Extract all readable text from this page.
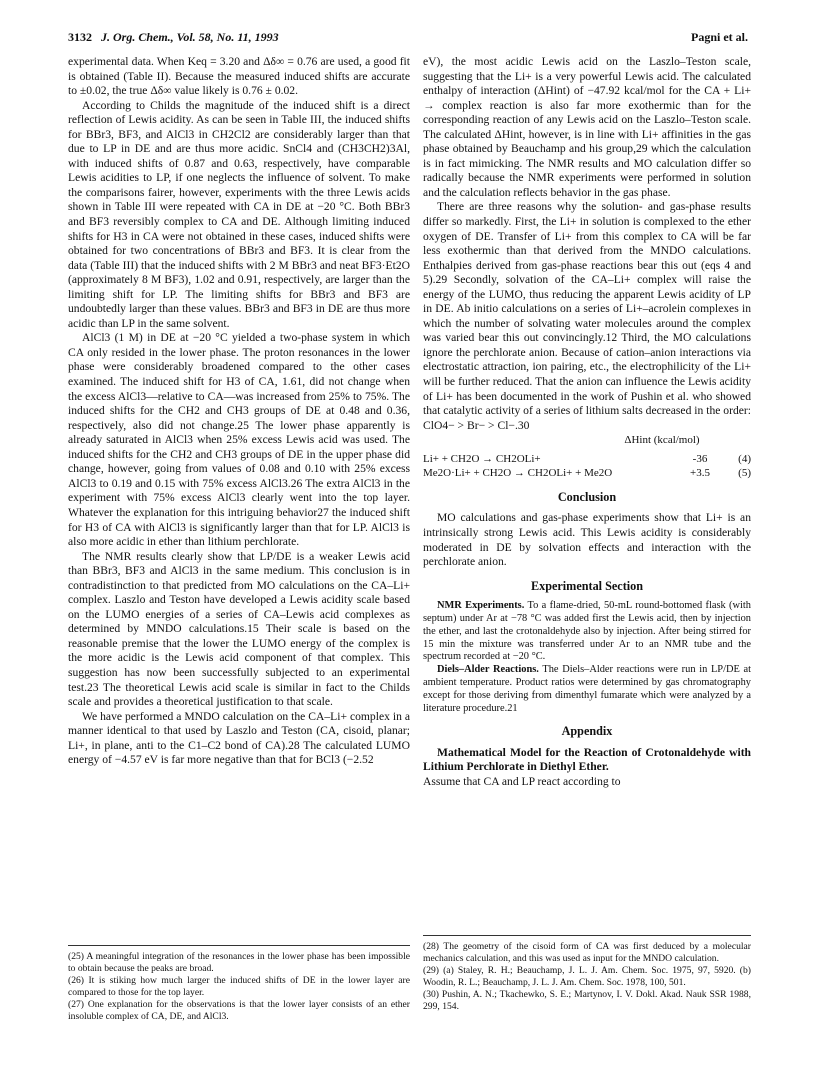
3132 J. Org. Chem., Vol. 58, No. 11, 1993	Pagni et al.

experimental data. When Keq = 3.20 and Δδ∞ = 0.76 are used, a good fit is obtained (Table II). Because the measured induced shifts are accurate to ±0.02, the true Δδ∞ value likely is 0.76 ± 0.02.

According to Childs the magnitude of the induced shift is a direct reflection of Lewis acidity. As can be seen in Table III, the induced shifts for BBr3, BF3, and AlCl3 in CH2Cl2 are considerably larger than that due to LP in DE and are thus more acidic. SnCl4 and (CH3CH2)3Al, with induced shifts of 0.87 and 0.63, respectively, have comparable Lewis acidities to LP, if one neglects the influence of solvent. To make the comparisons fairer, however, experiments with the three Lewis acids shown in Table III were repeated with CA in DE at −20 °C. Both BBr3 and BF3 reversibly complex to CA and DE. Although limiting induced shifts for H3 in CA were not obtained in these cases, induced shifts were obtained for two concentrations of BBr3 and BF3. It is clear from the data (Table III) that the induced shifts with 2 M BBr3 and neat BF3·Et2O (approximately 8 M BF3), 1.02 and 0.91, respectively, are larger than the limiting shift for LP. The limiting shifts for BBr3 and BF3 are undoubtedly larger than these values. BBr3 and BF3 in DE are thus more acidic than LP in the same solvent.

AlCl3 (1 M) in DE at −20 °C yielded a two-phase system in which CA only resided in the lower phase. The proton resonances in the lower phase were considerably broadened compared to the other cases examined. The induced shift for H3 of CA, 1.61, did not change when the excess AlCl3—relative to CA—was increased from 25% to 75%. The induced shifts for the CH2 and CH3 groups of DE at 0.48 and 0.36, respectively, also did not change.25 The lower phase apparently is already saturated in AlCl3 when 25% excess Lewis acid was used. The induced shifts for the CH2 and CH3 groups of DE in the upper phase did change, however, going from values of 0.08 and 0.10 with 25% excess AlCl3 to 0.19 and 0.15 with 75% excess AlCl3.26 The extra AlCl3 in the experiment with 75% excess AlCl3 clearly went into the top layer. Whatever the explanation for this intriguing behavior27 the induced shift for H3 of CA with AlCl3 is significantly larger than that for LP. AlCl3 is also more acidic in ether than lithium perchlorate.

The NMR results clearly show that LP/DE is a weaker Lewis acid than BBr3, BF3 and AlCl3 in the same medium. This conclusion is in contradistinction to that predicted from MO calculations on the CA–Li+ complex. Laszlo and Teston have developed a Lewis acidity scale based on the LUMO energies of a series of CA–Lewis acid complexes as determined by MNDO calculations.15 Their scale is based on the reasonable premise that the lower the LUMO energy of the complex is the more acidic is the Lewis acid component of that complex. This suggestion has now been successfully subjected to an experimental test.23 The theoretical Lewis acid scale is similar in fact to the Childs scale and provides a theoretical justification to that scale.

We have performed a MNDO calculation on the CA–Li+ complex in a manner identical to that used by Laszlo and Teston (CA, cisoid, planar; Li+, in plane, anti to the C1–C2 bond of CA).28 The calculated LUMO energy of −4.57 eV is far more negative than that for BCl3 (−2.52

eV), the most acidic Lewis acid on the Laszlo–Teston scale, suggesting that the Li+ is a very powerful Lewis acid. The calculated enthalpy of interaction (ΔHint) of −47.92 kcal/mol for the CA + Li+ → complex reaction is also far more exothermic than for the corresponding reaction of any Lewis acid on the Laszlo–Teston scale. The calculated ΔHint, however, is in line with Li+ affinities in the gas phase obtained by Beauchamp and his group,29 which the calculation is in fact mimicking. The NMR results and MO calculation differ so radically because the NMR experiments were performed in solution and the calculation reflects behavior in the gas phase.

There are three reasons why the solution- and gas-phase results differ so markedly. First, the Li+ in solution is complexed to the ether oxygen of DE. Transfer of Li+ from this complex to CA will be far less exothermic than that derived from the MNDO calculations. Enthalpies derived from gas-phase reactions bear this out (eqs 4 and 5).29 Secondly, solvation of the CA–Li+ complex will raise the energy of the LUMO, thus reducing the apparent Lewis acidity of LP in DE. Ab initio calculations on a series of Li+–acrolein complexes in which the number of solvating water molecules around the complex was varied bear this out convincingly.12 Third, the MO calculations ignore the perchlorate anion. Because of cation–anion interactions via electrostatic attraction, ion pairing, etc., the electrophilicity of the Li+ will be further reduced. That the anion can influence the Lewis acidity of Li+ has been documented in the work of Pushin et al. who showed that catalytic activity of a series of lithium salts decreased in the order: ClO4− > Br− > Cl−.30

ΔHint (kcal/mol)
Li+ + CH2O → CH2OLi+	-36	(4)
Me2O·Li+ + CH2O → CH2OLi+ + Me2O	+3.5	(5)
Conclusion

MO calculations and gas-phase experiments show that Li+ is an intrinsically strong Lewis acid. This Lewis acidity is considerably moderated in DE by solvation effects and interaction with the perchlorate anion.

Experimental Section

NMR Experiments. To a flame-dried, 50-mL round-bottomed flask (with septum) under Ar at −78 °C was added first the Lewis acid, then by injection the ether, and last the crotonaldehyde also by injection. After being stirred for 15 min the mixture was transferred under Ar to an NMR tube and the spectrum recorded at −20 °C.

Diels–Alder Reactions. The Diels–Alder reactions were run in LP/DE at ambient temperature. Product ratios were determined by gas chromatography except for those deriving from dimenthyl fumarate which were analyzed by a literature procedure.21

Appendix

Mathematical Model for the Reaction of Crotonaldehyde with Lithium Perchlorate in Diethyl Ether.

Assume that CA and LP react according to

(25) A meaningful integration of the resonances in the lower phase has been impossible to obtain because the peaks are broad.

(26) It is stiking how much larger the induced shifts of DE in the lower layer are compared to those for the top layer.

(27) One explanation for the observations is that the lower layer consists of an ether insoluble complex of CA, DE, and AlCl3.

(28) The geometry of the cisoid form of CA was first deduced by a molecular mechanics calculation, and this was used as input for the MNDO calculation.

(29) (a) Staley, R. H.; Beauchamp, J. L. J. Am. Chem. Soc. 1975, 97, 5920. (b) Woodin, R. L.; Beauchamp, J. L. J. Am. Chem. Soc. 1978, 100, 501.

(30) Pushin, A. N.; Tkachewko, S. E.; Martynov, I. V. Dokl. Akad. Nauk SSR 1988, 299, 154.
